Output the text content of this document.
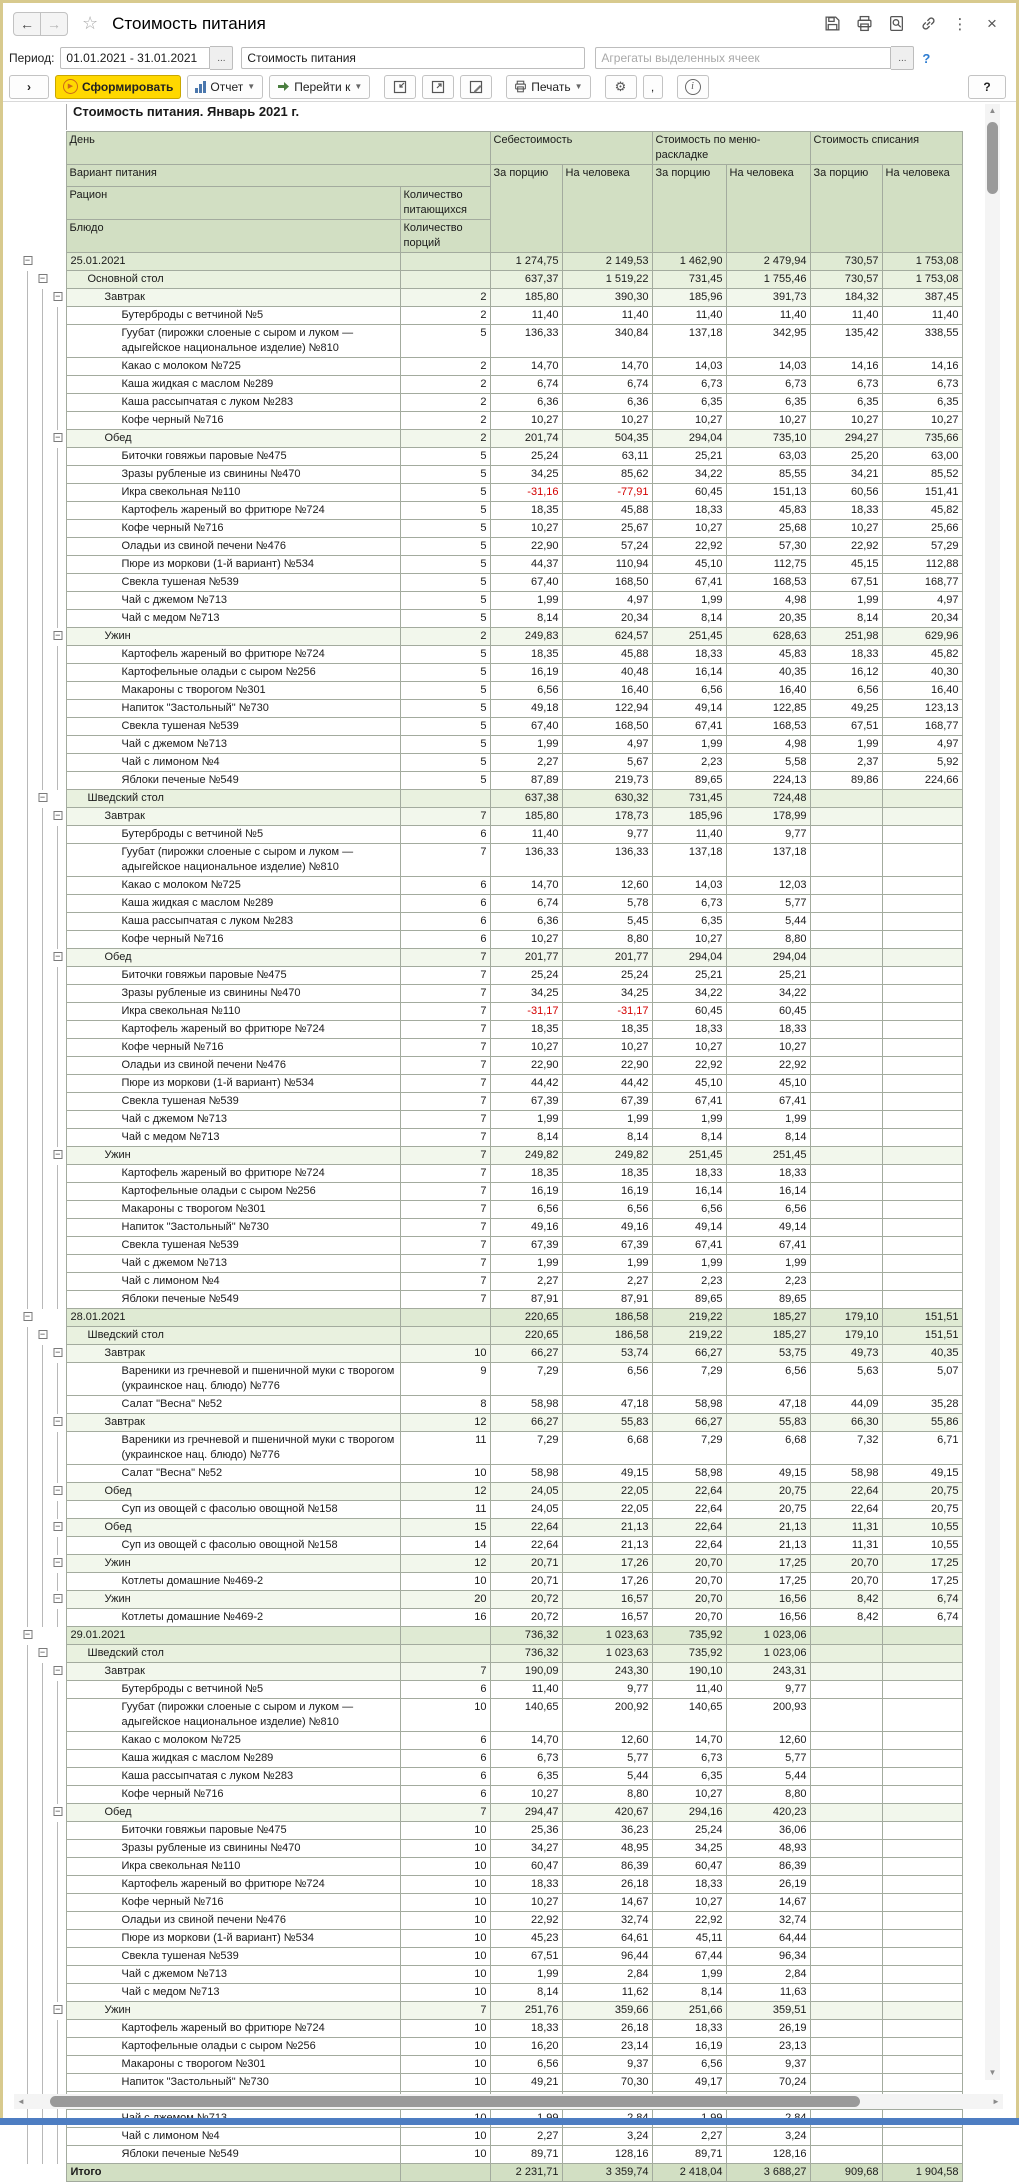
← → ☆ Стоимость питания	⋮ ×
Период:	01.01.2021 - 31.01.2021	...	Стоимость питания	Агрегаты выделенных ячеек	...	?
›	▶ Сформировать	Отчет ▼	Перейти к ▼	Печать ▼ ⚙ ,	i	?
Стоимость питания. Январь 2021 г.
			День		Себестоимость		Стоимость по меню-раскладке		Стоимость списания	
			Вариант питания		За порцию	На человека	За порцию	На человека	За порцию	На человека
			Рацион	Количество питающихся						
			Блюдо	Количество порций						

−			25.01.2021		1 274,75	2 149,53	1 462,90	2 479,94	730,57	1 753,08

	−		Основной стол		637,37	1 519,22	731,45	1 755,46	730,57	1 753,08

		−	Завтрак	2	185,80	390,30	185,96	391,73	184,32	387,45
			Бутерброды с ветчиной №5	2	11,40	11,40	11,40	11,40	11,40	11,40
			Гуубат (пирожки слоеные с сыром и луком — адыгейское национальное изделие) №810	5	136,33	340,84	137,18	342,95	135,42	338,55
			Какао с молоком №725	2	14,70	14,70	14,03	14,03	14,16	14,16
			Каша жидкая с маслом №289	2	6,74	6,74	6,73	6,73	6,73	6,73
			Каша рассыпчатая с луком №283	2	6,36	6,36	6,35	6,35	6,35	6,35
			Кофе черный №716	2	10,27	10,27	10,27	10,27	10,27	10,27

		−	Обед	2	201,74	504,35	294,04	735,10	294,27	735,66
			Биточки говяжьи паровые №475	5	25,24	63,11	25,21	63,03	25,20	63,00
			Зразы рубленые из свинины №470	5	34,25	85,62	34,22	85,55	34,21	85,52
			Икра свекольная №110	5	-31,16	-77,91	60,45	151,13	60,56	151,41
			Картофель жареный во фритюре №724	5	18,35	45,88	18,33	45,83	18,33	45,82
			Кофе черный №716	5	10,27	25,67	10,27	25,68	10,27	25,66
			Оладьи из свиной печени №476	5	22,90	57,24	22,92	57,30	22,92	57,29
			Пюре из моркови (1-й вариант) №534	5	44,37	110,94	45,10	112,75	45,15	112,88
			Свекла тушеная №539	5	67,40	168,50	67,41	168,53	67,51	168,77
			Чай с джемом №713	5	1,99	4,97	1,99	4,98	1,99	4,97
			Чай с медом №713	5	8,14	20,34	8,14	20,35	8,14	20,34

		−	Ужин	2	249,83	624,57	251,45	628,63	251,98	629,96
			Картофель жареный во фритюре №724	5	18,35	45,88	18,33	45,83	18,33	45,82
			Картофельные оладьи с сыром №256	5	16,19	40,48	16,14	40,35	16,12	40,30
			Макароны с творогом №301	5	6,56	16,40	6,56	16,40	6,56	16,40
			Напиток "Застольный" №730	5	49,18	122,94	49,14	122,85	49,25	123,13
			Свекла тушеная №539	5	67,40	168,50	67,41	168,53	67,51	168,77
			Чай с джемом №713	5	1,99	4,97	1,99	4,98	1,99	4,97
			Чай с лимоном №4	5	2,27	5,67	2,23	5,58	2,37	5,92
			Яблоки печеные №549	5	87,89	219,73	89,65	224,13	89,86	224,66

	−		Шведский стол		637,38	630,32	731,45	724,48		

		−	Завтрак	7	185,80	178,73	185,96	178,99		
			Бутерброды с ветчиной №5	6	11,40	9,77	11,40	9,77		
			Гуубат (пирожки слоеные с сыром и луком — адыгейское национальное изделие) №810	7	136,33	136,33	137,18	137,18		
			Какао с молоком №725	6	14,70	12,60	14,03	12,03		
			Каша жидкая с маслом №289	6	6,74	5,78	6,73	5,77		
			Каша рассыпчатая с луком №283	6	6,36	5,45	6,35	5,44		
			Кофе черный №716	6	10,27	8,80	10,27	8,80		

		−	Обед	7	201,77	201,77	294,04	294,04		
			Биточки говяжьи паровые №475	7	25,24	25,24	25,21	25,21		
			Зразы рубленые из свинины №470	7	34,25	34,25	34,22	34,22		
			Икра свекольная №110	7	-31,17	-31,17	60,45	60,45		
			Картофель жареный во фритюре №724	7	18,35	18,35	18,33	18,33		
			Кофе черный №716	7	10,27	10,27	10,27	10,27		
			Оладьи из свиной печени №476	7	22,90	22,90	22,92	22,92		
			Пюре из моркови (1-й вариант) №534	7	44,42	44,42	45,10	45,10		
			Свекла тушеная №539	7	67,39	67,39	67,41	67,41		
			Чай с джемом №713	7	1,99	1,99	1,99	1,99		
			Чай с медом №713	7	8,14	8,14	8,14	8,14		

		−	Ужин	7	249,82	249,82	251,45	251,45		
			Картофель жареный во фритюре №724	7	18,35	18,35	18,33	18,33		
			Картофельные оладьи с сыром №256	7	16,19	16,19	16,14	16,14		
			Макароны с творогом №301	7	6,56	6,56	6,56	6,56		
			Напиток "Застольный" №730	7	49,16	49,16	49,14	49,14		
			Свекла тушеная №539	7	67,39	67,39	67,41	67,41		
			Чай с джемом №713	7	1,99	1,99	1,99	1,99		
			Чай с лимоном №4	7	2,27	2,27	2,23	2,23		
			Яблоки печеные №549	7	87,91	87,91	89,65	89,65		

−			28.01.2021		220,65	186,58	219,22	185,27	179,10	151,51

	−		Шведский стол		220,65	186,58	219,22	185,27	179,10	151,51

		−	Завтрак	10	66,27	53,74	66,27	53,75	49,73	40,35
			Вареники из гречневой и пшеничной муки с творогом (украинское нац. блюдо) №776	9	7,29	6,56	7,29	6,56	5,63	5,07
			Салат "Весна" №52	8	58,98	47,18	58,98	47,18	44,09	35,28

		−	Завтрак	12	66,27	55,83	66,27	55,83	66,30	55,86
			Вареники из гречневой и пшеничной муки с творогом (украинское нац. блюдо) №776	11	7,29	6,68	7,29	6,68	7,32	6,71
			Салат "Весна" №52	10	58,98	49,15	58,98	49,15	58,98	49,15

		−	Обед	12	24,05	22,05	22,64	20,75	22,64	20,75
			Суп из овощей с фасолью овощной №158	11	24,05	22,05	22,64	20,75	22,64	20,75

		−	Обед	15	22,64	21,13	22,64	21,13	11,31	10,55
			Суп из овощей с фасолью овощной №158	14	22,64	21,13	22,64	21,13	11,31	10,55

		−	Ужин	12	20,71	17,26	20,70	17,25	20,70	17,25
			Котлеты домашние №469-2	10	20,71	17,26	20,70	17,25	20,70	17,25

		−	Ужин	20	20,72	16,57	20,70	16,56	8,42	6,74
			Котлеты домашние №469-2	16	20,72	16,57	20,70	16,56	8,42	6,74

−			29.01.2021		736,32	1 023,63	735,92	1 023,06		

	−		Шведский стол		736,32	1 023,63	735,92	1 023,06		

		−	Завтрак	7	190,09	243,30	190,10	243,31		
			Бутерброды с ветчиной №5	6	11,40	9,77	11,40	9,77		
			Гуубат (пирожки слоеные с сыром и луком — адыгейское национальное изделие) №810	10	140,65	200,92	140,65	200,93		
			Какао с молоком №725	6	14,70	12,60	14,70	12,60		
			Каша жидкая с маслом №289	6	6,73	5,77	6,73	5,77		
			Каша рассыпчатая с луком №283	6	6,35	5,44	6,35	5,44		
			Кофе черный №716	6	10,27	8,80	10,27	8,80		

		−	Обед	7	294,47	420,67	294,16	420,23		
			Биточки говяжьи паровые №475	10	25,36	36,23	25,24	36,06		
			Зразы рубленые из свинины №470	10	34,27	48,95	34,25	48,93		
			Икра свекольная №110	10	60,47	86,39	60,47	86,39		
			Картофель жареный во фритюре №724	10	18,33	26,18	18,33	26,19		
			Кофе черный №716	10	10,27	14,67	10,27	14,67		
			Оладьи из свиной печени №476	10	22,92	32,74	22,92	32,74		
			Пюре из моркови (1-й вариант) №534	10	45,23	64,61	45,11	64,44		
			Свекла тушеная №539	10	67,51	96,44	67,44	96,34		
			Чай с джемом №713	10	1,99	2,84	1,99	2,84		
			Чай с медом №713	10	8,14	11,62	8,14	11,63		

		−	Ужин	7	251,76	359,66	251,66	359,51		
			Картофель жареный во фритюре №724	10	18,33	26,18	18,33	26,19		
			Картофельные оладьи с сыром №256	10	16,20	23,14	16,19	23,13		
			Макароны с творогом №301	10	6,56	9,37	6,56	9,37		
			Напиток "Застольный" №730	10	49,21	70,30	49,17	70,24		

			Чай с лимоном №4	10	2,27	3,24	2,27	3,24		
			Яблоки печеные №549	10	89,71	128,16	89,71	128,16		
			Итого		2 231,71	3 359,74	2 418,04	3 688,27	909,68	1 904,58
▲
▼
◄	►
